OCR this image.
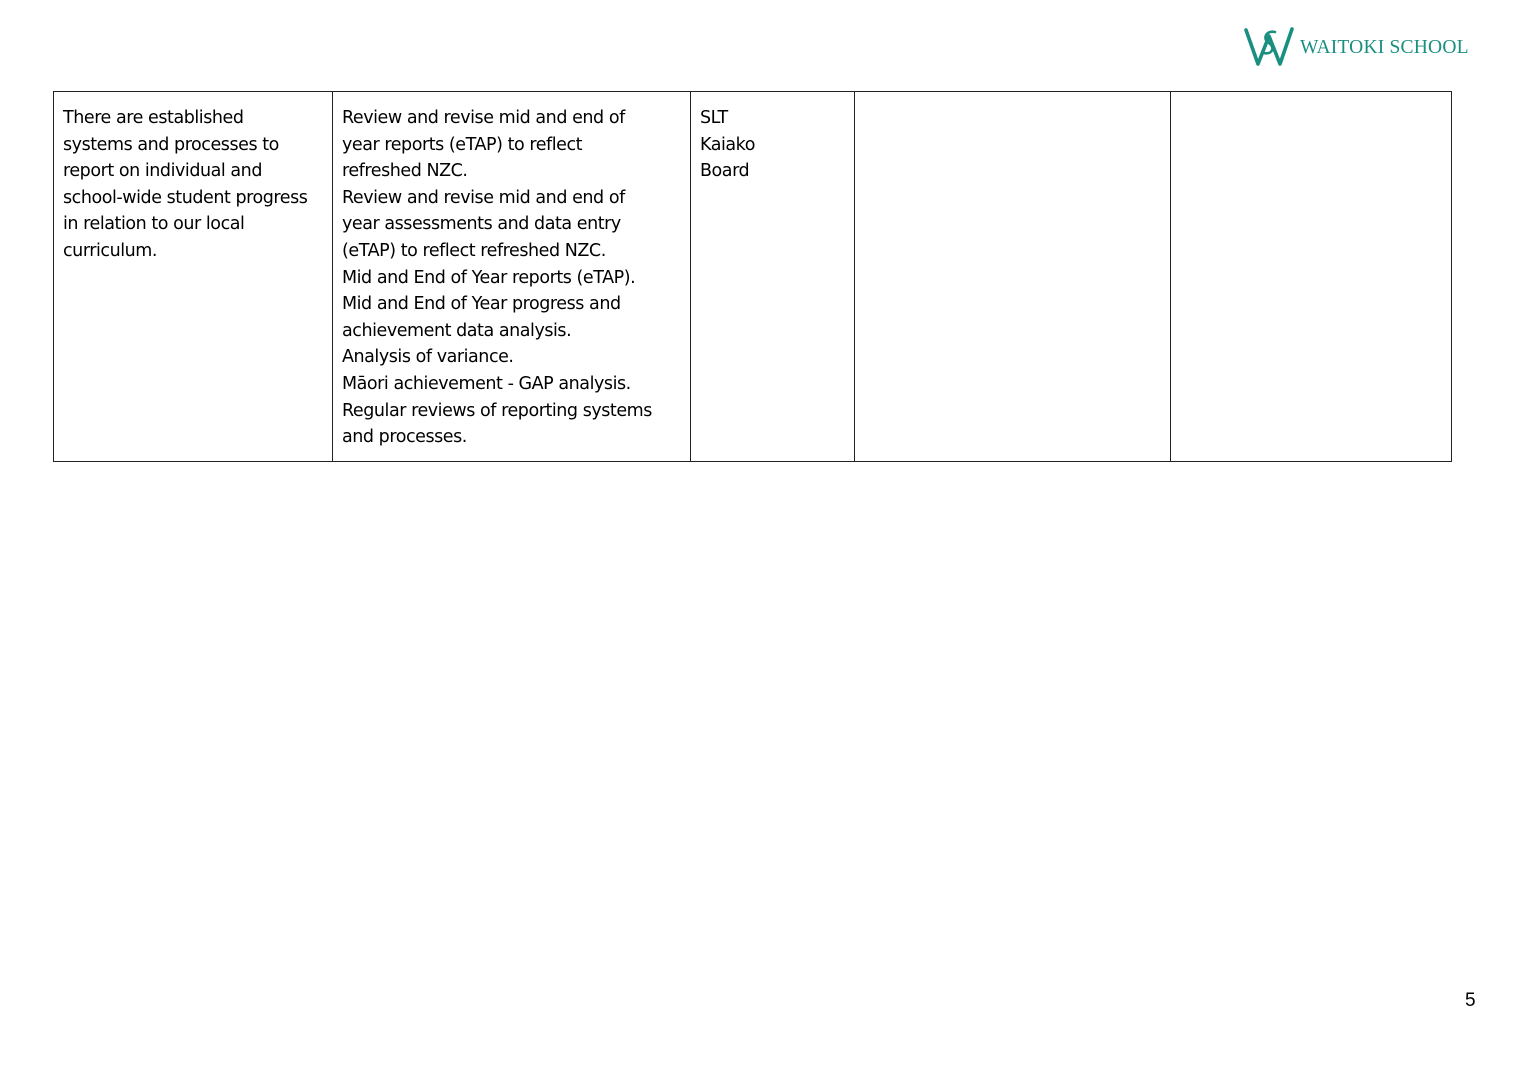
WAITOKI SCHOOL
There are established
systems and processes to
report on individual and
school-wide student progress
in relation to our local
curriculum.

Review and revise mid and end of
year reports (eTAP) to reflect
refreshed NZC.
Review and revise mid and end of
year assessments and data entry
(eTAP) to reflect refreshed NZC.
Mid and End of Year reports (eTAP).
Mid and End of Year progress and
achievement data analysis.
Analysis of variance.
Māori achievement - GAP analysis.
Regular reviews of reporting systems
and processes.

SLT
Kaiako
Board

5
